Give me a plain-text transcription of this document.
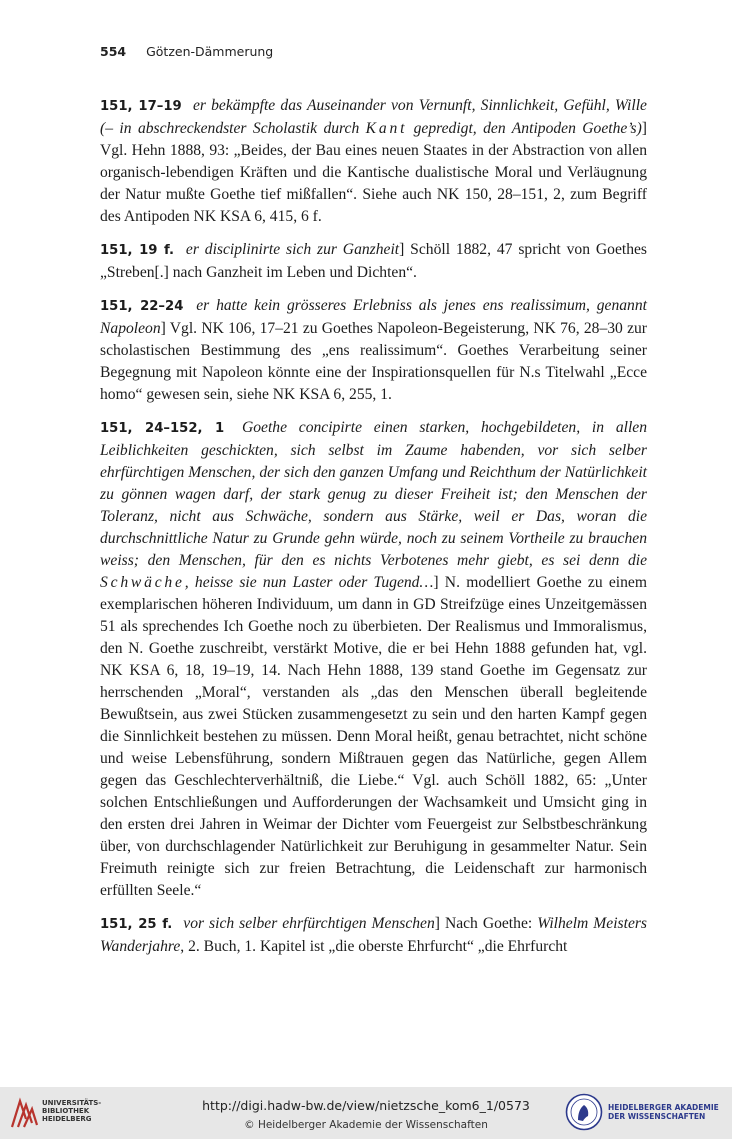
554 Götzen-Dämmerung

151, 17–19 er bekämpfte das Auseinander von Vernunft, Sinnlichkeit, Gefühl, Wille (– in abschreckendster Scholastik durch Kant gepredigt, den Antipoden Goethe’s)] Vgl. Hehn 1888, 93: „Beides, der Bau eines neuen Staates in der Abstraction von allen organisch-lebendigen Kräften und die Kantische dualistische Moral und Verläugnung der Natur mußte Goethe tief mißfallen“. Siehe auch NK 150, 28–151, 2, zum Begriff des Antipoden NK KSA 6, 415, 6 f.

151, 19 f. er disciplinirte sich zur Ganzheit] Schöll 1882, 47 spricht von Goethes „Streben[.] nach Ganzheit im Leben und Dichten“.

151, 22–24 er hatte kein grösseres Erlebniss als jenes ens realissimum, genannt Napoleon] Vgl. NK 106, 17–21 zu Goethes Napoleon-Begeisterung, NK 76, 28–30 zur scholastischen Bestimmung des „ens realissimum“. Goethes Verarbeitung seiner Begegnung mit Napoleon könnte eine der Inspirationsquellen für N.s Titelwahl „Ecce homo“ gewesen sein, siehe NK KSA 6, 255, 1.

151, 24–152, 1 Goethe concipirte einen starken, hochgebildeten, in allen Leiblichkeiten geschickten, sich selbst im Zaume habenden, vor sich selber ehrfürchtigen Menschen, der sich den ganzen Umfang und Reichthum der Natürlichkeit zu gönnen wagen darf, der stark genug zu dieser Freiheit ist; den Menschen der Toleranz, nicht aus Schwäche, sondern aus Stärke, weil er Das, woran die durchschnittliche Natur zu Grunde gehn würde, noch zu seinem Vortheile zu brauchen weiss; den Menschen, für den es nichts Verbotenes mehr giebt, es sei denn die Schwäche, heisse sie nun Laster oder Tugend…] N. modelliert Goethe zu einem exemplarischen höheren Individuum, um dann in GD Streifzüge eines Unzeitgemässen 51 als sprechendes Ich Goethe noch zu überbieten. Der Realismus und Immoralismus, den N. Goethe zuschreibt, verstärkt Motive, die er bei Hehn 1888 gefunden hat, vgl. NK KSA 6, 18, 19–19, 14. Nach Hehn 1888, 139 stand Goethe im Gegensatz zur herrschenden „Moral“, verstanden als „das den Menschen überall begleitende Bewußtsein, aus zwei Stücken zusammengesetzt zu sein und den harten Kampf gegen die Sinnlichkeit bestehen zu müssen. Denn Moral heißt, genau betrachtet, nicht schöne und weise Lebensführung, sondern Mißtrauen gegen das Natürliche, gegen Allem gegen das Geschlechterverhältniß, die Liebe.“ Vgl. auch Schöll 1882, 65: „Unter solchen Entschließungen und Aufforderungen der Wachsamkeit und Umsicht ging in den ersten drei Jahren in Weimar der Dichter vom Feuergeist zur Selbstbeschränkung über, von durchschlagender Natürlichkeit zur Beruhigung in gesammelter Natur. Sein Freimuth reinigte sich zur freien Betrachtung, die Leidenschaft zur harmonisch erfüllten Seele.“

151, 25 f. vor sich selber ehrfürchtigen Menschen] Nach Goethe: Wilhelm Meisters Wanderjahre, 2. Buch, 1. Kapitel ist „die oberste Ehrfurcht“ „die Ehrfurcht

UNIVERSITÄTS-
BIBLIOTHEK
HEIDELBERG
http://digi.hadw-bw.de/view/nietzsche_kom6_1/0573
© Heidelberger Akademie der Wissenschaften
HEIDELBERGER AKADEMIE
DER WISSENSCHAFTEN
